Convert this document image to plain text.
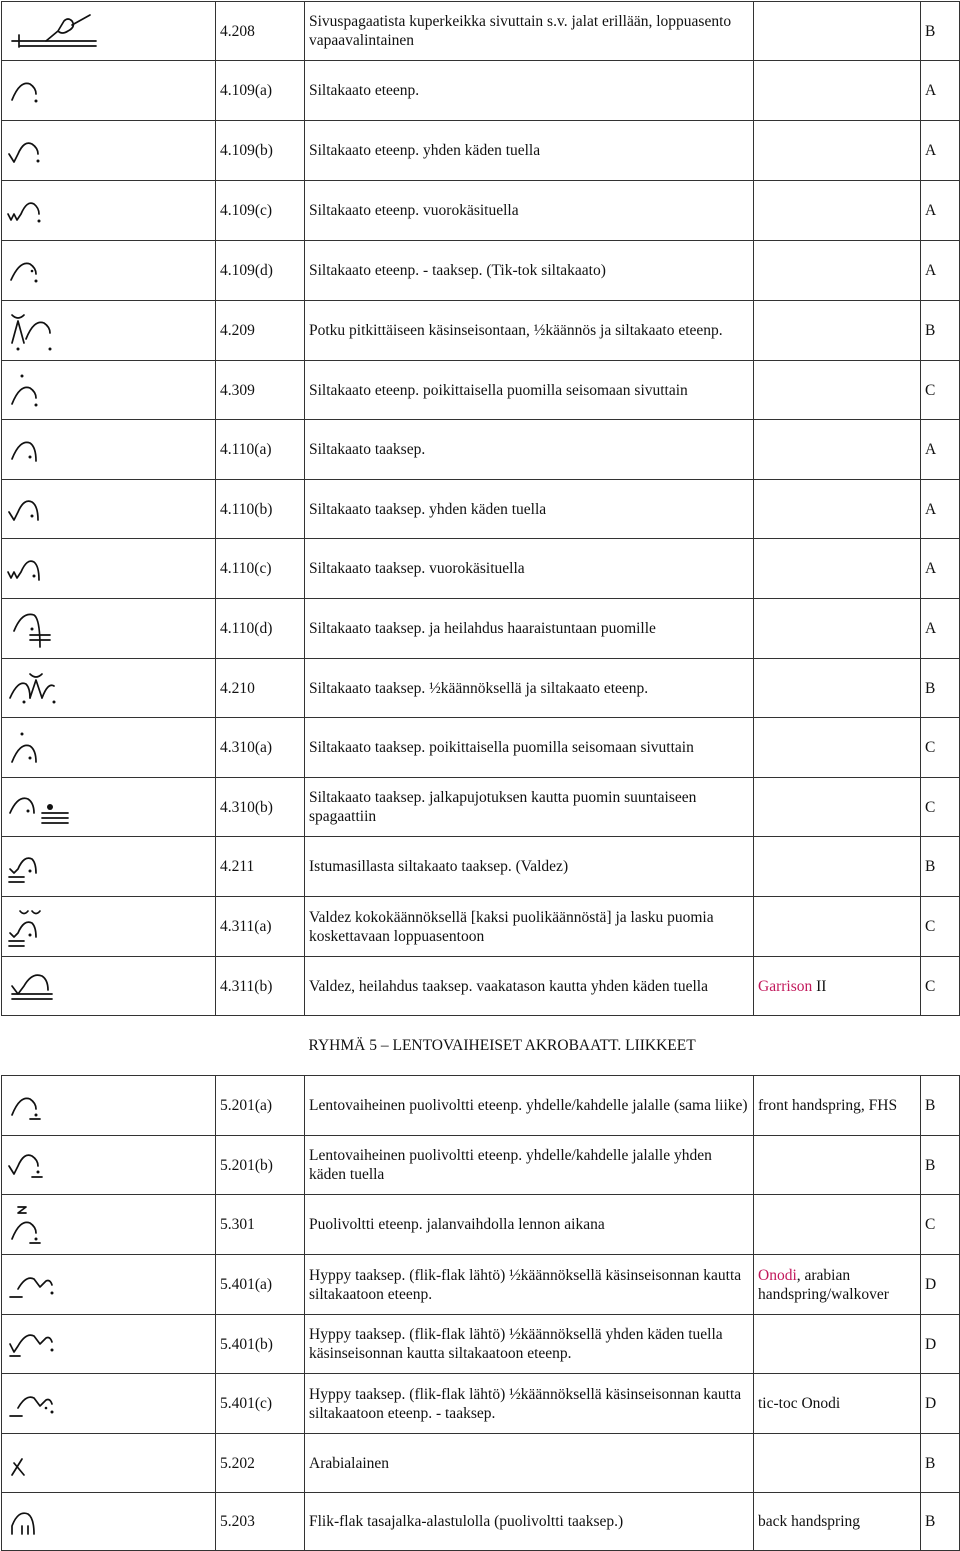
	4.208	Sivuspagaatista kuperkeikka sivuttain s.v. jalat erillään, loppuasento vapaavalintainen		B

	4.109(a)	Siltakaato eteenp.		A

	4.109(b)	Siltakaato eteenp. yhden käden tuella		A

	4.109(c)	Siltakaato eteenp. vuorokäsituella		A

	4.109(d)	Siltakaato eteenp. - taaksep. (Tik-tok siltakaato)		A

	4.209	Potku pitkittäiseen käsinseisontaan, ½käännös ja siltakaato eteenp.		B

	4.309	Siltakaato eteenp. poikittaisella puomilla seisomaan sivuttain		C

	4.110(a)	Siltakaato taaksep.		A

	4.110(b)	Siltakaato taaksep. yhden käden tuella		A

	4.110(c)	Siltakaato taaksep. vuorokäsituella		A

	4.110(d)	Siltakaato taaksep. ja heilahdus haaraistuntaan puomille		A

	4.210	Siltakaato taaksep. ½käännöksellä ja siltakaato eteenp.		B

	4.310(a)	Siltakaato taaksep. poikittaisella puomilla seisomaan sivuttain		C

	4.310(b)	Siltakaato taaksep. jalkapujotuksen kautta puomin suuntaiseen spagaattiin		C

	4.211	Istumasillasta siltakaato taaksep. (Valdez)		B

	4.311(a)	Valdez kokokäännöksellä [kaksi puolikäännöstä] ja lasku puomia koskettavaan loppuasentoon		C

	4.311(b)	Valdez, heilahdus taaksep. vaakatason kautta yhden käden tuella	Garrison II	C
		RYHMÄ 5 – LENTOVAIHEISET AKROBAATT. LIIKKEET		

	5.201(a)	Lentovaiheinen puolivoltti eteenp. yhdelle/kahdelle jalalle (sama liike)	front handspring, FHS	B

	5.201(b)	Lentovaiheinen puolivoltti eteenp. yhdelle/kahdelle jalalle yhden käden tuella		B

	5.301	Puolivoltti eteenp. jalanvaihdolla lennon aikana		C

	5.401(a)	Hyppy taaksep. (flik-flak lähtö) ½käännöksellä käsinseisonnan kautta siltakaatoon eteenp.	Onodi, arabian handspring/walkover	D

	5.401(b)	Hyppy taaksep. (flik-flak lähtö) ½käännöksellä yhden käden tuella käsinseisonnan kautta siltakaatoon eteenp.		D

	5.401(c)	Hyppy taaksep. (flik-flak lähtö) ½käännöksellä käsinseisonnan kautta siltakaatoon eteenp. - taaksep.	tic-toc Onodi	D

	5.202	Arabialainen		B

	5.203	Flik-flak tasajalka-alastulolla (puolivoltti taaksep.)	back handspring	B
